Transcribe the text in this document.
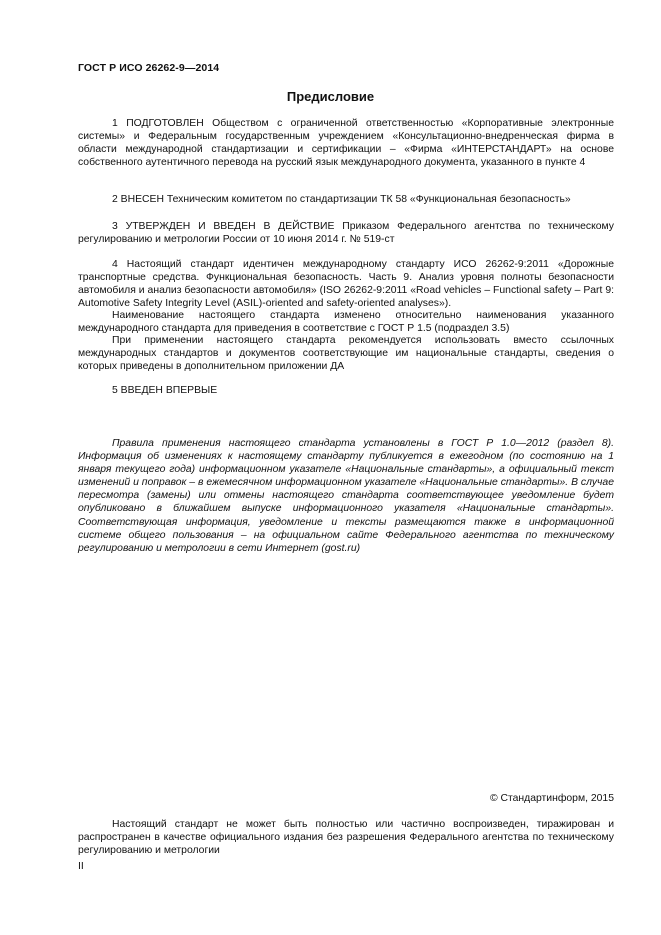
ГОСТ Р ИСО 26262-9—2014
Предисловие

1 ПОДГОТОВЛЕН Обществом с ограниченной ответственностью «Корпоративные электронные системы» и Федеральным государственным учреждением «Консультационно-внедренческая фирма в области международной стандартизации и сертификации – «Фирма «ИНТЕРСТАНДАРТ» на основе собственного аутентичного перевода на русский язык международного документа, указанного в пункте 4

2 ВНЕСЕН Техническим комитетом по стандартизации ТК 58 «Функциональная безопасность»

3 УТВЕРЖДЕН И ВВЕДЕН В ДЕЙСТВИЕ Приказом Федерального агентства по техническому регулированию и метрологии России от 10 июня 2014 г. № 519-ст

4 Настоящий стандарт идентичен международному стандарту ИСО 26262-9:2011 «Дорожные транспортные средства. Функциональная безопасность. Часть 9. Анализ уровня полноты безопасности автомобиля и анализ безопасности автомобиля» (ISO 26262-9:2011 «Road vehicles – Functional safety – Part 9: Automotive Safety Integrity Level (ASIL)-oriented and safety-oriented analyses»).

Наименование настоящего стандарта изменено относительно наименования указанного международного стандарта для приведения в соответствие с ГОСТ Р 1.5 (подраздел 3.5)

При применении настоящего стандарта рекомендуется использовать вместо ссылочных международных стандартов и документов соответствующие им национальные стандарты, сведения о которых приведены в дополнительном приложении ДА

5 ВВЕДЕН ВПЕРВЫЕ

Правила применения настоящего стандарта установлены в ГОСТ Р 1.0—2012 (раздел 8). Информация об изменениях к настоящему стандарту публикуется в ежегодном (по состоянию на 1 января текущего года) информационном указателе «Национальные стандарты», а официальный текст изменений и поправок – в ежемесячном информационном указателе «Национальные стандарты». В случае пересмотра (замены) или отмены настоящего стандарта соответствующее уведомление будет опубликовано в ближайшем выпуске информационного указателя «Национальные стандарты». Соответствующая информация, уведомление и тексты размещаются также в информационной системе общего пользования – на официальном сайте Федерального агентства по техническому регулированию и метрологии в сети Интернет (gost.ru)

© Стандартинформ, 2015

Настоящий стандарт не может быть полностью или частично воспроизведен, тиражирован и распространен в качестве официального издания без разрешения Федерального агентства по техническому регулированию и метрологии

II
